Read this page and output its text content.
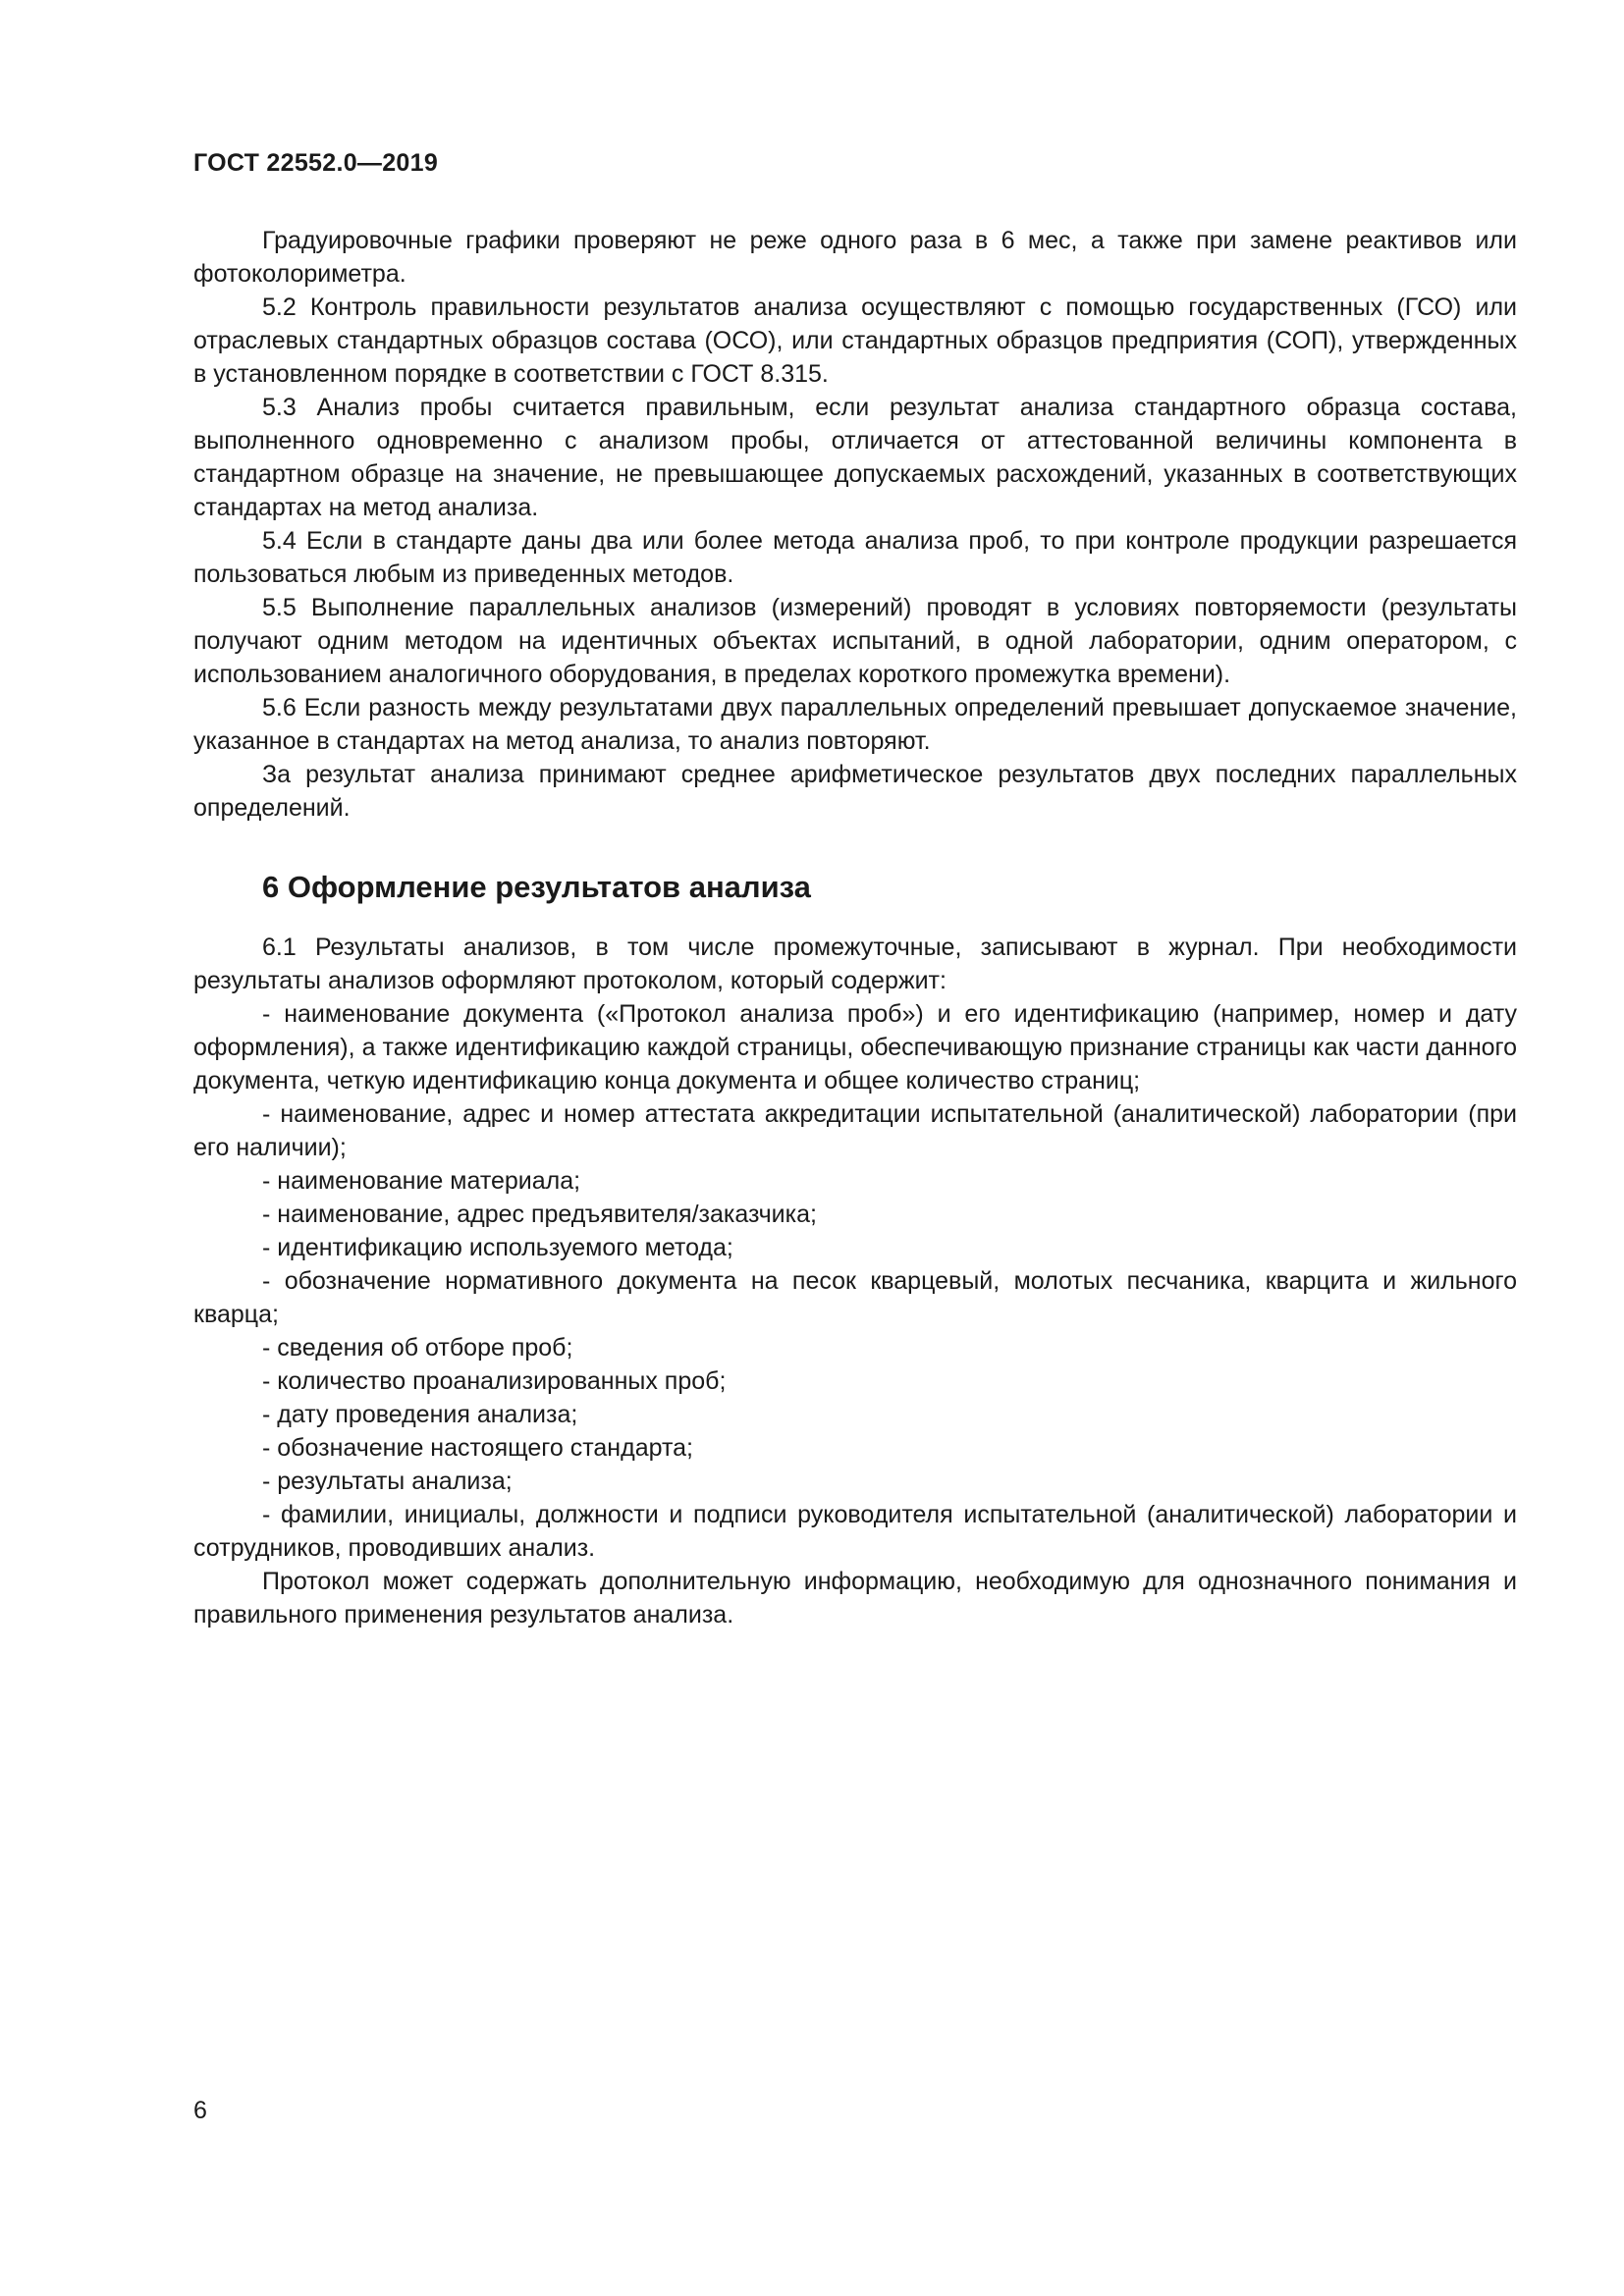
ГОСТ 22552.0—2019

Градуировочные графики проверяют не реже одного раза в 6 мес, а также при замене реактивов или фотоколориметра.

5.2 Контроль правильности результатов анализа осуществляют с помощью государственных (ГСО) или отраслевых стандартных образцов состава (ОСО), или стандартных образцов предприятия (СОП), утвержденных в установленном порядке в соответствии с ГОСТ 8.315.

5.3 Анализ пробы считается правильным, если результат анализа стандартного образца состава, выполненного одновременно с анализом пробы, отличается от аттестованной величины компонента в стандартном образце на значение, не превышающее допускаемых расхождений, указанных в соответствующих стандартах на метод анализа.

5.4 Если в стандарте даны два или более метода анализа проб, то при контроле продукции разрешается пользоваться любым из приведенных методов.

5.5 Выполнение параллельных анализов (измерений) проводят в условиях повторяемости (результаты получают одним методом на идентичных объектах испытаний, в одной лаборатории, одним оператором, с использованием аналогичного оборудования, в пределах короткого промежутка времени).

5.6 Если разность между результатами двух параллельных определений превышает допускаемое значение, указанное в стандартах на метод анализа, то анализ повторяют.

За результат анализа принимают среднее арифметическое результатов двух последних параллельных определений.

6 Оформление результатов анализа

6.1 Результаты анализов, в том числе промежуточные, записывают в журнал. При необходимости результаты анализов оформляют протоколом, который содержит:

- наименование документа («Протокол анализа проб») и его идентификацию (например, номер и дату оформления), а также идентификацию каждой страницы, обеспечивающую признание страницы как части данного документа, четкую идентификацию конца документа и общее количество страниц;
- наименование, адрес и номер аттестата аккредитации испытательной (аналитической) лаборатории (при его наличии);
- наименование материала;
- наименование, адрес предъявителя/заказчика;
- идентификацию используемого метода;
- обозначение нормативного документа на песок кварцевый, молотых песчаника, кварцита и жильного кварца;
- сведения об отборе проб;
- количество проанализированных проб;
- дату проведения анализа;
- обозначение настоящего стандарта;
- результаты анализа;
- фамилии, инициалы, должности и подписи руководителя испытательной (аналитической) лаборатории и сотрудников, проводивших анализ.

Протокол может содержать дополнительную информацию, необходимую для однозначного понимания и правильного применения результатов анализа.

6
